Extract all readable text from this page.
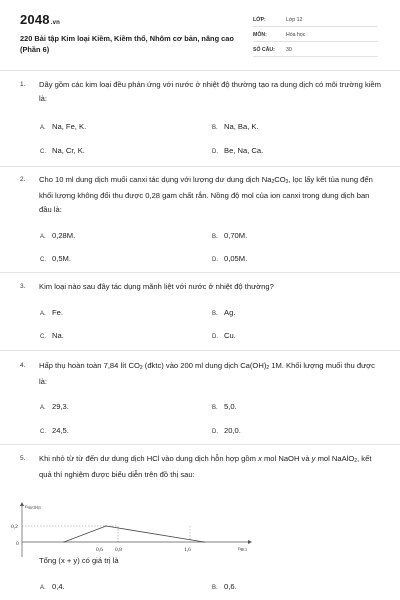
2048.vn
220 Bài tập Kim loại Kiềm, Kiềm thổ, Nhôm cơ bản, nâng cao (Phần 6)
LỚP:	Lớp 12
MÔN:	Hóa học
SỐ CÂU: 30
1. Dãy gồm các kim loại đều phản ứng với nước ở nhiệt độ thường tạo ra dung dịch có môi trường kiềm là:
A. Na, Fe, K.	B. Na, Ba, K.
C. Na, Cr, K.	D. Be, Na, Ca.
2. Cho 10 ml dung dịch muối canxi tác dụng với lượng dư dung dịch $Na_2CO_3$, lọc lấy kết tủa nung đến khối lượng không đổi thu được 0,28 gam chất rắn. Nồng độ mol của ion canxi trong dung dịch ban đầu là:
A. 0,28M.	B. 0,70M.
C. 0,5M.	D. 0,05M.
3. Kim loại nào sau đây tác dụng mãnh liệt với nước ở nhiệt độ thường?
A. Fe.	B. Ag.
C. Na.	D. Cu.
4. Hấp thụ hoàn toàn 7,84 lít $CO_2$ (đktc) vào 200 ml dung dịch $Ca(OH)_2$ 1M. Khối lượng muối thu được là:
A. 29,3.	B. 5,0.
C. 24,5.	D. 20,0.
5. Khi nhỏ từ từ đến dư dung dịch HCl vào dung dịch hỗn hợp gồm x mol NaOH và y mol NaAlO$_2$, kết quả thí nghiệm được biểu diễn trên đồ thị sau:
$n_{Al(OH)3}$
$n_{HCl}$
0
0,2
0,6 0,8	1,6
Tổng (x + y) có giá trị là
A. 0,4.	B. 0,6.
